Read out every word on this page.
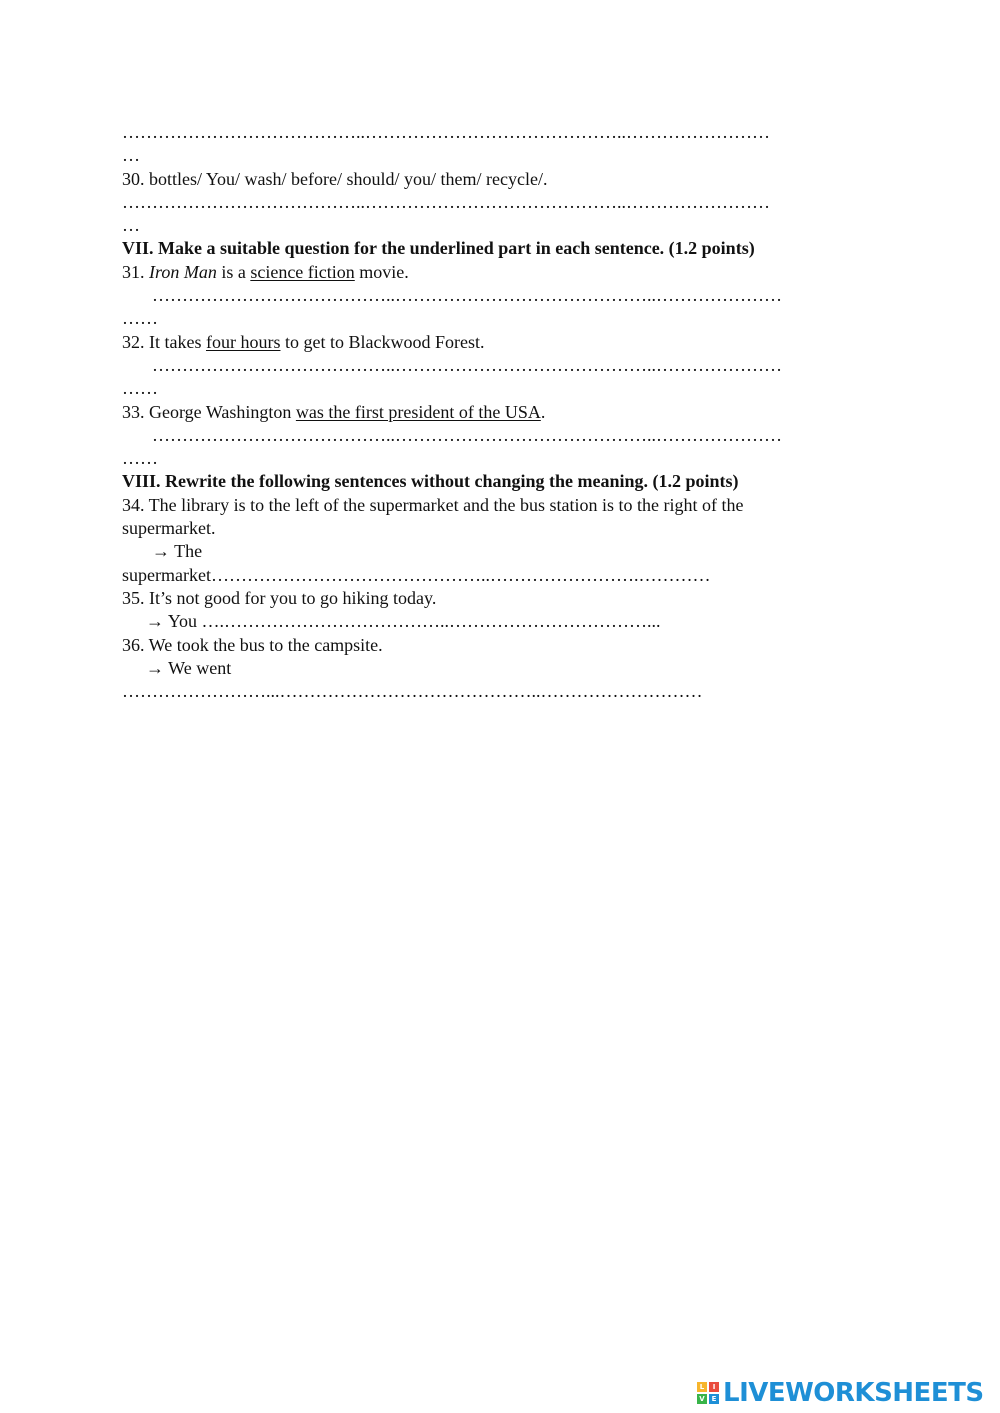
…………………………………..……………………………………..……………………
…
30. bottles/ You/ wash/ before/ should/ you/ them/ recycle/.
…………………………………..……………………………………..……………………
…
VII. Make a suitable question for the underlined part in each sentence. (1.2 points)
31. Iron Man is a science fiction movie.
…………………………………..……………………………………..…………………
……
32. It takes four hours to get to Blackwood Forest.
…………………………………..……………………………………..…………………
……
33. George Washington was the first president of the USA.
…………………………………..……………………………………..…………………
……
VIII. Rewrite the following sentences without changing the meaning. (1.2 points)
34. The library is to the left of the supermarket and the bus station is to the right of the
supermarket.
→ The
supermarket………………………………………..…………………….…………
35. It’s not good for you to go hiking today.
→ You ….………………………………..……………………………...
36. We took the bus to the campsite.
→ We went
……………………...……………………………………..………………………
L	I
V E LIVEWORKSHEETS
